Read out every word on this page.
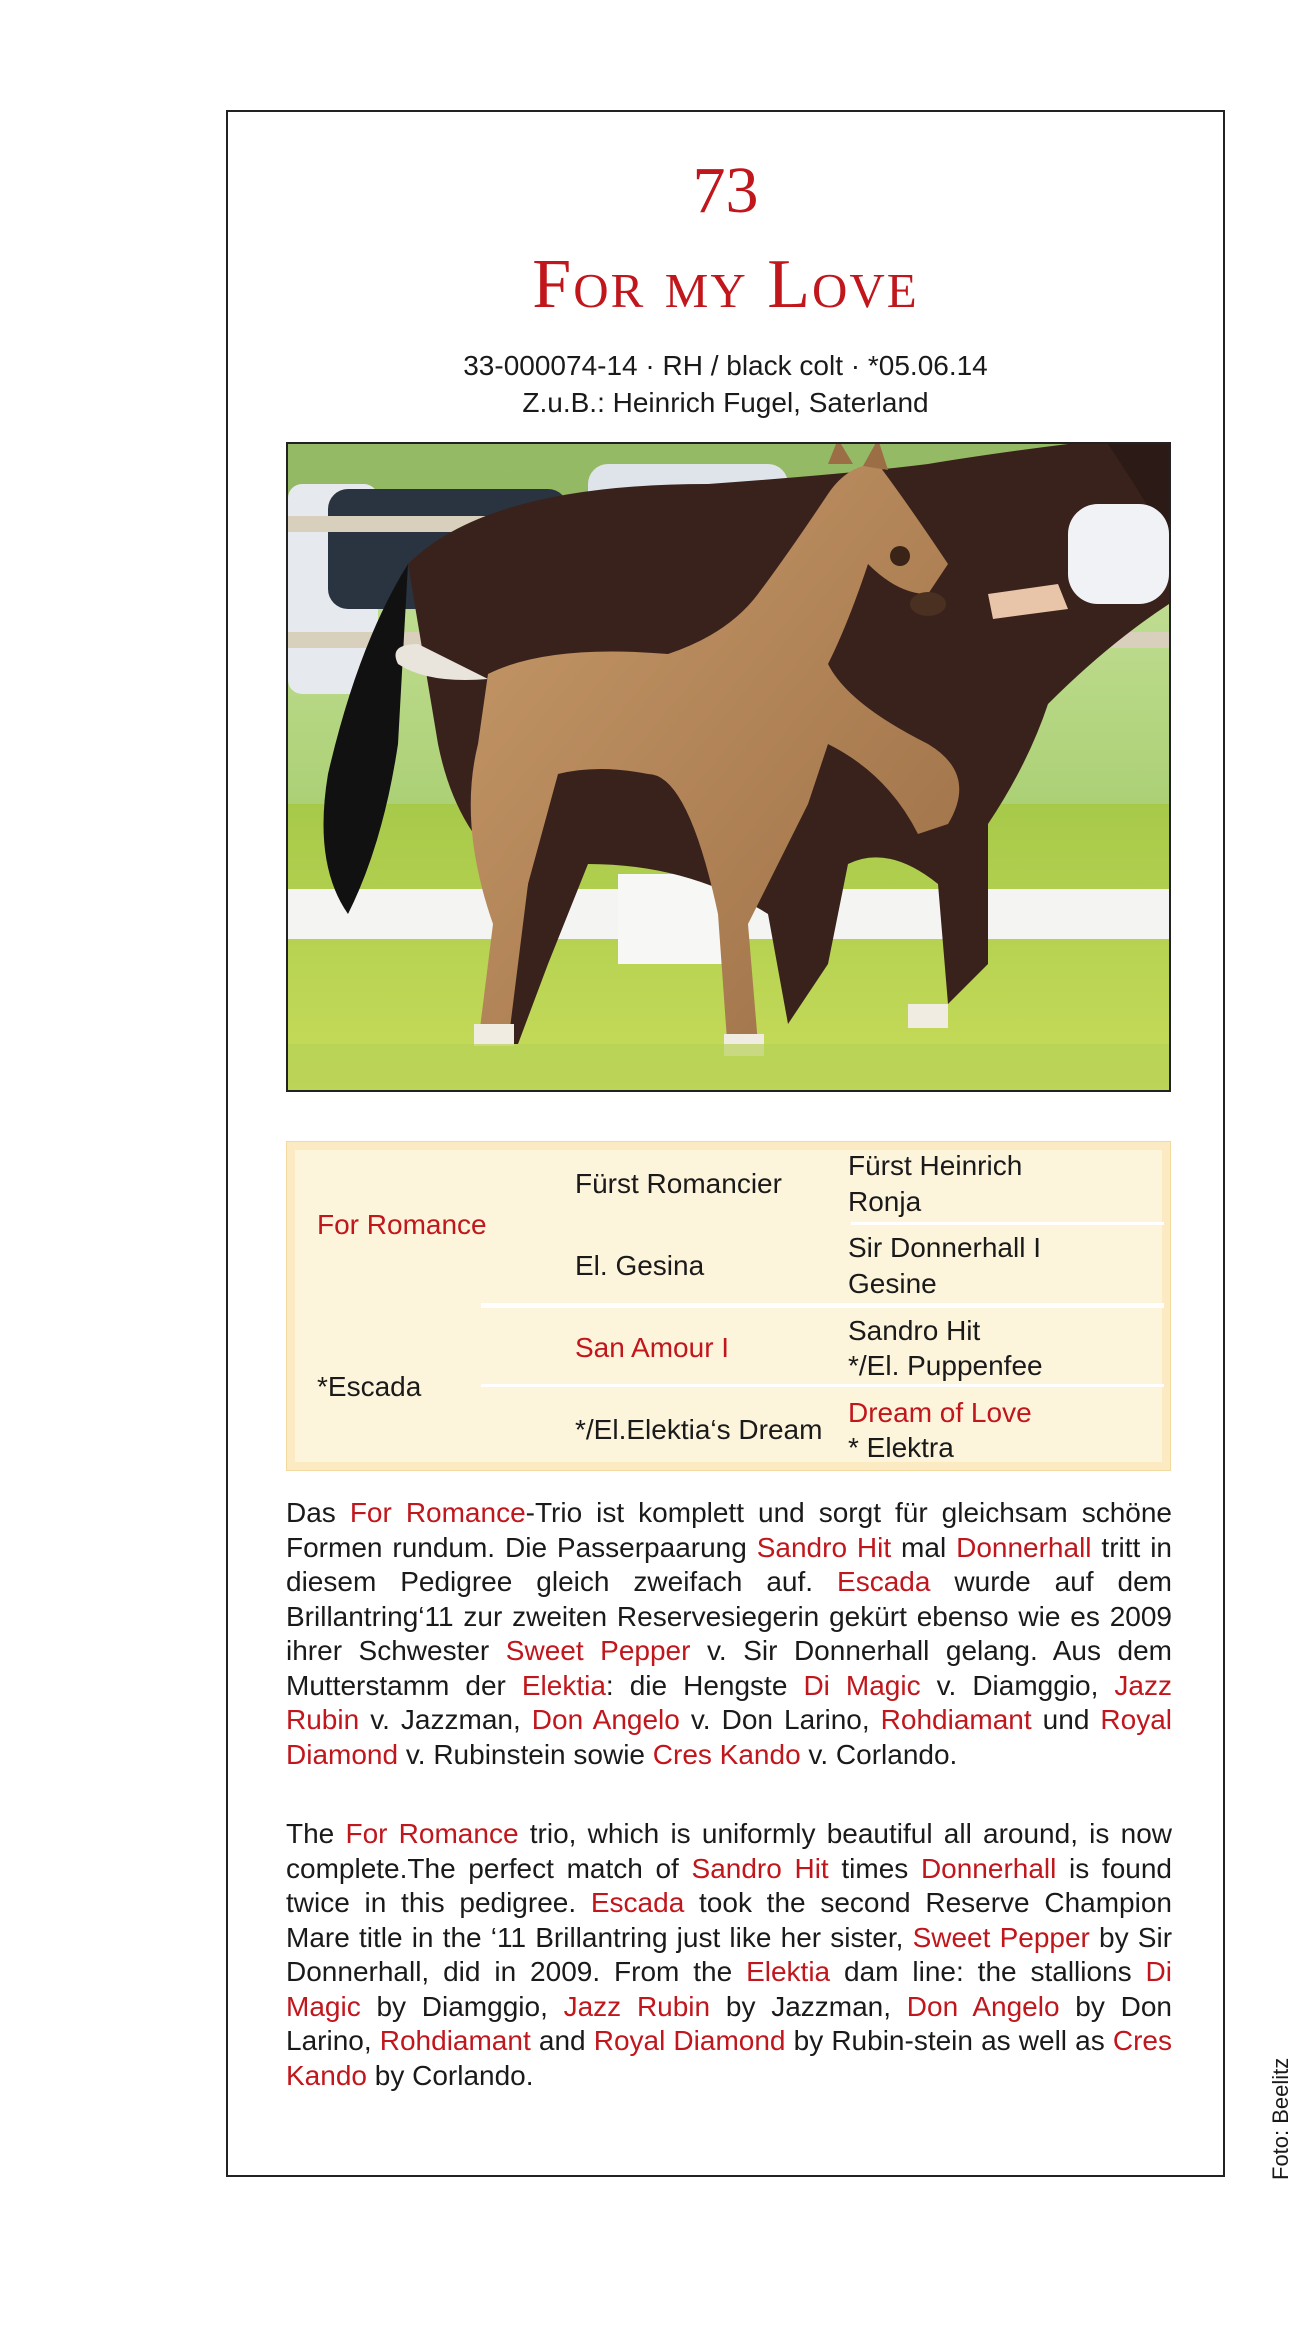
73
For my Love
33-000074-14 · RH / black colt · *05.06.14
Z.u.B.: Heinrich Fugel, Saterland
For Romance
Fürst Romancier
Fürst Heinrich
Ronja
El. Gesina
Sir Donnerhall I
Gesine
*Escada
San Amour I
Sandro Hit
*/El. Puppenfee
*/El.Elektia‘s Dream
Dream of Love
* Elektra

Das For Romance-Trio ist komplett und sorgt für gleichsam schöne Formen rundum. Die Passerpaarung Sandro Hit mal Donnerhall tritt in diesem Pedigree gleich zweifach auf. Escada wurde auf dem Brillantring‘11 zur zweiten Reservesiegerin gekürt ebenso wie es 2009 ihrer Schwester Sweet Pepper v. Sir Donnerhall gelang. Aus dem Mutterstamm der Elektia: die Hengste Di Magic v. Diamggio, Jazz Rubin v. Jazzman, Don Angelo v. Don Larino, Rohdiamant und Royal Diamond v. Rubinstein sowie Cres Kando v. Corlando.

The For Romance trio, which is uniformly beautiful all around, is now complete.The perfect match of Sandro Hit times Donnerhall is found twice in this pedigree. Escada took the second Reserve Champion Mare title in the ‘11 Brillantring just like her sister, Sweet Pepper by Sir Donnerhall, did in 2009. From the Elektia dam line: the stallions Di Magic by Diamggio, Jazz Rubin by Jazzman, Don Angelo by Don Larino, Rohdiamant and Royal Diamond by Rubin-stein as well as Cres Kando by Corlando.	Foto: Beelitz
